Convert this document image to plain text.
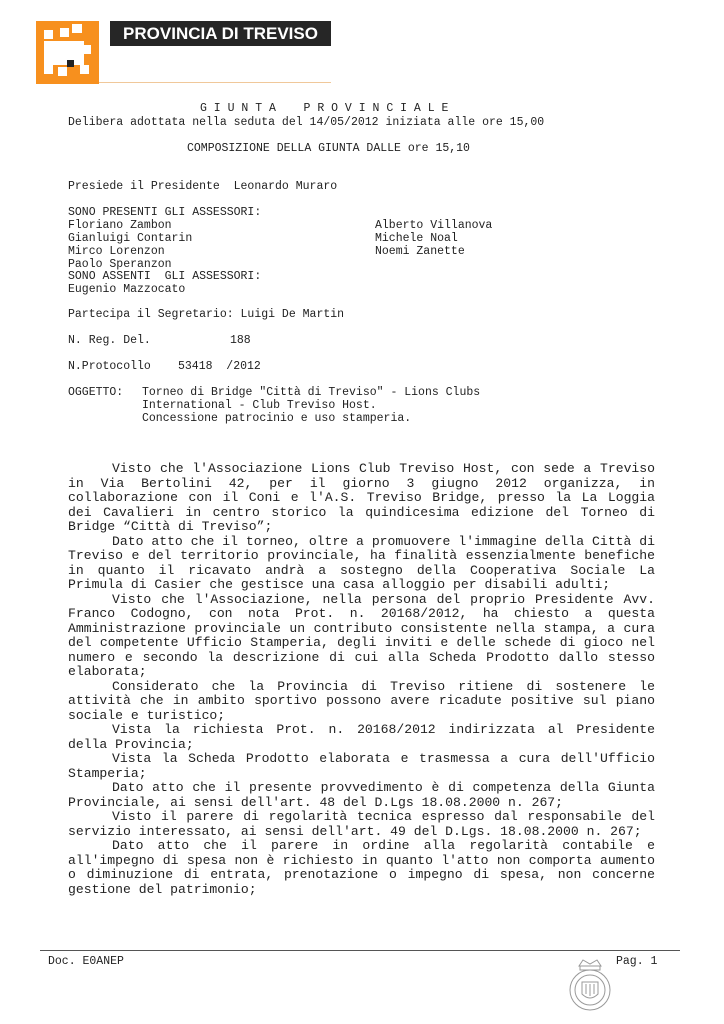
PROVINCIA DI TREVISO
G I U N T A    P R O V I N C I A L E
Delibera adottata nella seduta del 14/05/2012 iniziata alle ore 15,00
COMPOSIZIONE DELLA GIUNTA DALLE ore 15,10
Presiede il Presidente  Leonardo Muraro
SONO PRESENTI GLI ASSESSORI:
Floriano Zambon
Gianluigi Contarin
Mirco Lorenzon
Paolo Speranzon
Alberto Villanova
Michele Noal
Noemi Zanette
SONO ASSENTI  GLI ASSESSORI:
Eugenio Mazzocato
Partecipa il Segretario: Luigi De Martin
N. Reg. Del.	188
N.Protocollo 53418  /2012
OGGETTO: Torneo di Bridge "Città di Treviso" - Lions Clubs
International - Club Treviso Host.
Concessione patrocinio e uso stamperia.

Visto che l'Associazione Lions Club Treviso Host, con sede a Treviso in Via Bertolini 42, per il giorno 3 giugno 2012 organizza, in collaborazione con il Coni e l'A.S. Treviso Bridge, presso la La Loggia dei Cavalieri in centro storico la quindicesima edizione del Torneo di Bridge “Città di Treviso”;

Dato atto che il torneo, oltre a promuovere l'immagine della Città di Treviso e del territorio provinciale, ha finalità essenzialmente benefiche in quanto il ricavato andrà a sostegno della Cooperativa Sociale La Primula di Casier che gestisce una casa alloggio per disabili adulti;

Visto che l'Associazione, nella persona del proprio Presidente Avv. Franco Codogno, con nota Prot. n. 20168/2012, ha chiesto a questa Amministrazione provinciale un contributo consistente nella stampa, a cura del competente Ufficio Stamperia, degli inviti e delle schede di gioco nel numero e secondo la descrizione di cui alla Scheda Prodotto dallo stesso elaborata;

Considerato che la Provincia di Treviso ritiene di sostenere le attività che in ambito sportivo possono avere ricadute positive sul piano sociale e turistico;

Vista la richiesta Prot. n. 20168/2012 indirizzata al Presidente della Provincia;

Vista la Scheda Prodotto elaborata e trasmessa a cura dell'Ufficio Stamperia;

Dato atto che il presente provvedimento è di competenza della Giunta Provinciale, ai sensi dell'art. 48 del D.Lgs 18.08.2000 n. 267;

Visto il parere di regolarità tecnica espresso dal responsabile del servizio interessato, ai sensi dell'art. 49 del D.Lgs. 18.08.2000 n. 267;

Dato atto che il parere in ordine alla regolarità contabile e all'impegno di spesa non è richiesto in quanto l'atto non comporta aumento o diminuzione di entrata, prenotazione o impegno di spesa, non concerne gestione del patrimonio;

Doc. E0ANEP	Pag. 1
